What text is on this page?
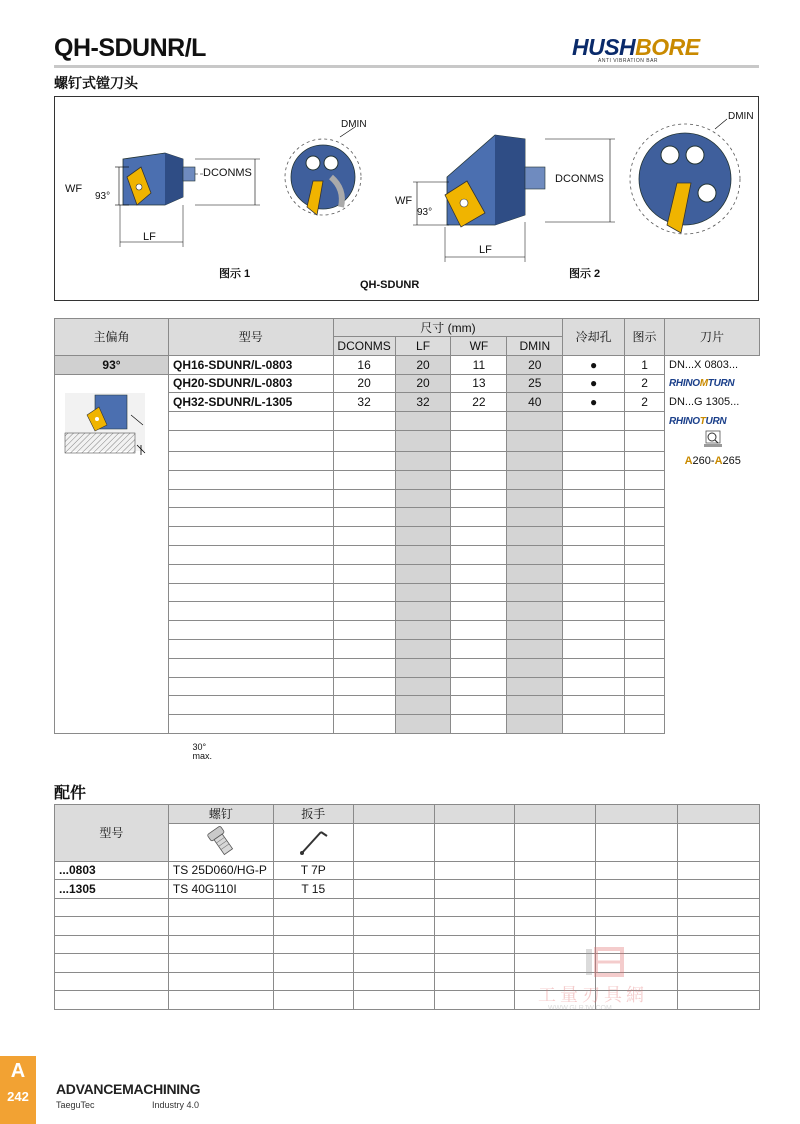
QH-SDUNR/L
螺钉式镗刀头
HUSHBORE
ANTI VIBRATION BAR
WF
93°
LF
DCONMS
DMIN
WF
93°
LF
DCONMS
DMIN
图示 1	图示 2
QH-SDUNR
主偏角	型号	尺寸 (mm)				冷却孔	图示	刀片
		DCONMS	LF	WF	DMIN			
93°	QH16-SDUNR/L-0803	16	20	11	20	●	1	DN...X 0803...

30°
max.	QH20-SDUNR/L-0803	20	20	13	25	●	2	RHINOMTURN
	QH32-SDUNR/L-1305	32	32	22	40	●	2	DN...G 1305...
								RHINOTURN

								A260-A265

配件
型号	螺钉	扳手					

...0803	TS 25D060/HG-P	T 7P					
...1305	TS 40G110I	T 15					

工量刃具網
WWW.GLRJW.COM
A
242	ADVANCEMACHINING
TaeguTec	Industry 4.0
